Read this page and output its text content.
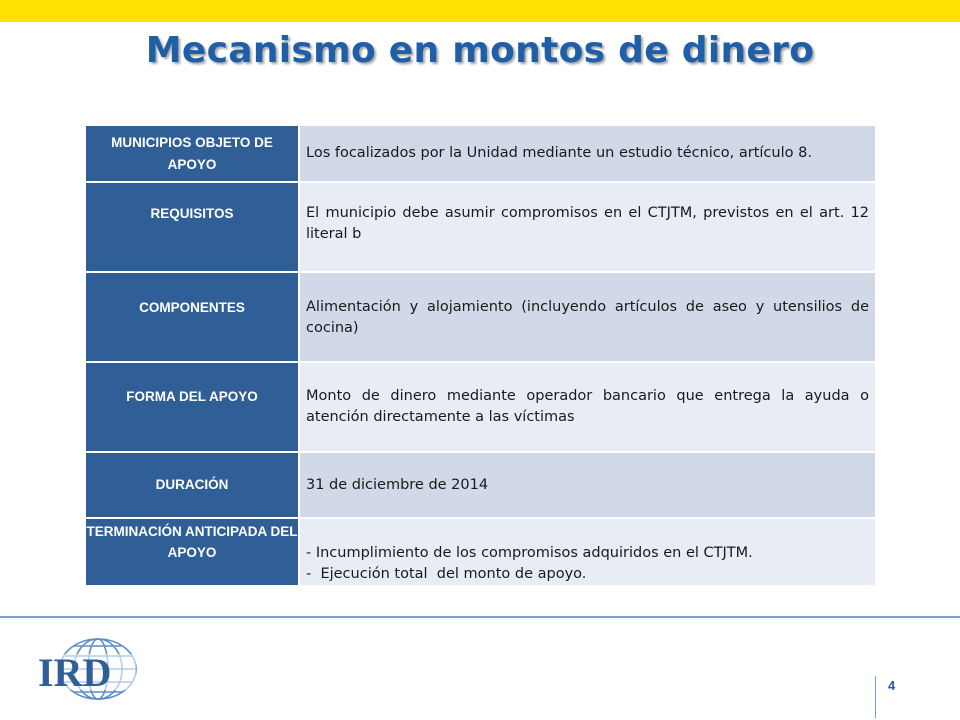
Mecanismo en montos de dinero
MUNICIPIOS OBJETO DE APOYO	Los focalizados por la Unidad mediante un estudio técnico, artículo 8.

REQUISITOS	El municipio debe asumir compromisos en el CTJTM, previstos en el art. 12 literal b

COMPONENTES	Alimentación y alojamiento (incluyendo artículos de aseo y utensilios de cocina)

FORMA DEL APOYO	Monto de dinero mediante operador bancario que entrega la ayuda o atención directamente a las víctimas

DURACIÓN	31 de diciembre de 2014

TERMINACIÓN ANTICIPADA DEL APOYO	- Incumplimiento de los compromisos adquiridos en el CTJTM.
-  Ejecución total  del monto de apoyo.
IRD	4
